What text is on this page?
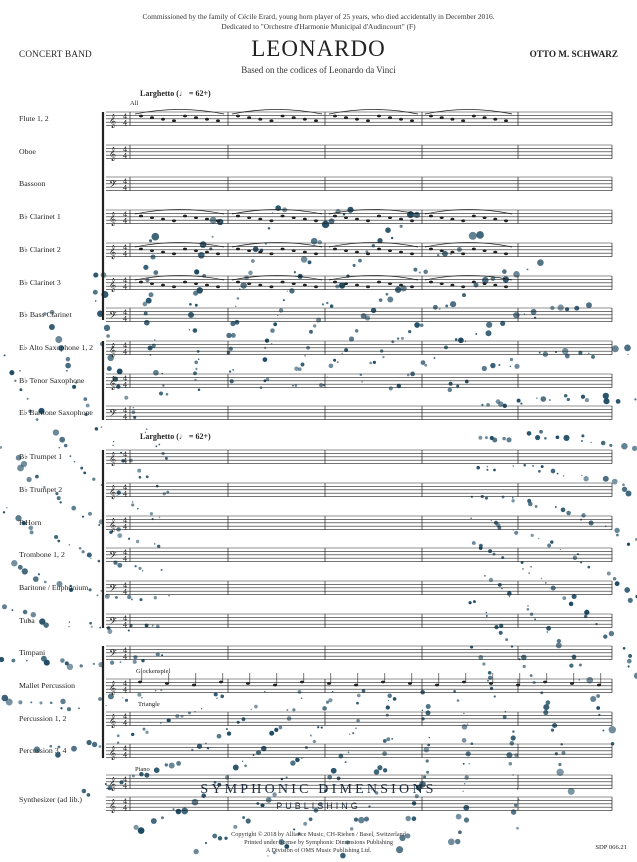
Commissioned by the family of Cécile Erard, young horn player of 25 years, who died accidentally in December 2016.
Dedicated to "Orchestre d'Harmonie Municipal d'Audincourt" (F)
CONCERT BAND	LEONARDO	OTTO M. SCHWARZ
Based on the codices of Leonardo da Vinci
𝄞 4
4
𝄞 4
4
𝄢 4
4
𝄞 4
4
𝄞 4
4
𝄞 4
4
𝄢 4
4
𝄞 4
4
𝄞 4
4
𝄢 4
4
𝄞 4
4
𝄞 4
4
𝄞 4
4
𝄢 4
4
𝄢 4
4
𝄢 4
4
𝄢 4
4
𝄞 4
4
𝄞 4
4
𝄞 4
4
𝄞 4
4
𝄞 4
4
Larghetto (♩ = 62+)
Larghetto (♩ = 62+)
All
Glockenspiel
Triangle
Piano
Flute 1, 2
Oboe
Bassoon
B♭ Clarinet 1
B♭ Clarinet 2
B♭ Clarinet 3
B♭ Bass Clarinet
E♭ Alto Saxophone 1, 2
B♭ Tenor Saxophone
E♭ Baritone Saxophone
B♭ Trumpet 1
B♭ Trumpet 2
F Horn
Trombone 1, 2
Baritone / Euphonium
Tuba
Timpani
Mallet Percussion
Percussion 1, 2
Percussion 3, 4
Synthesizer (ad lib.)
SYMPHONIC DIMENSIONS
PUBLISHING
Copyright © 2018 by Alliance Music, CH-Riehen / Basel, Switzerland
Printed under license by Symphonic Dimensions Publishing
A Division of OMS Music Publishing Ltd.	SDP 066.21
